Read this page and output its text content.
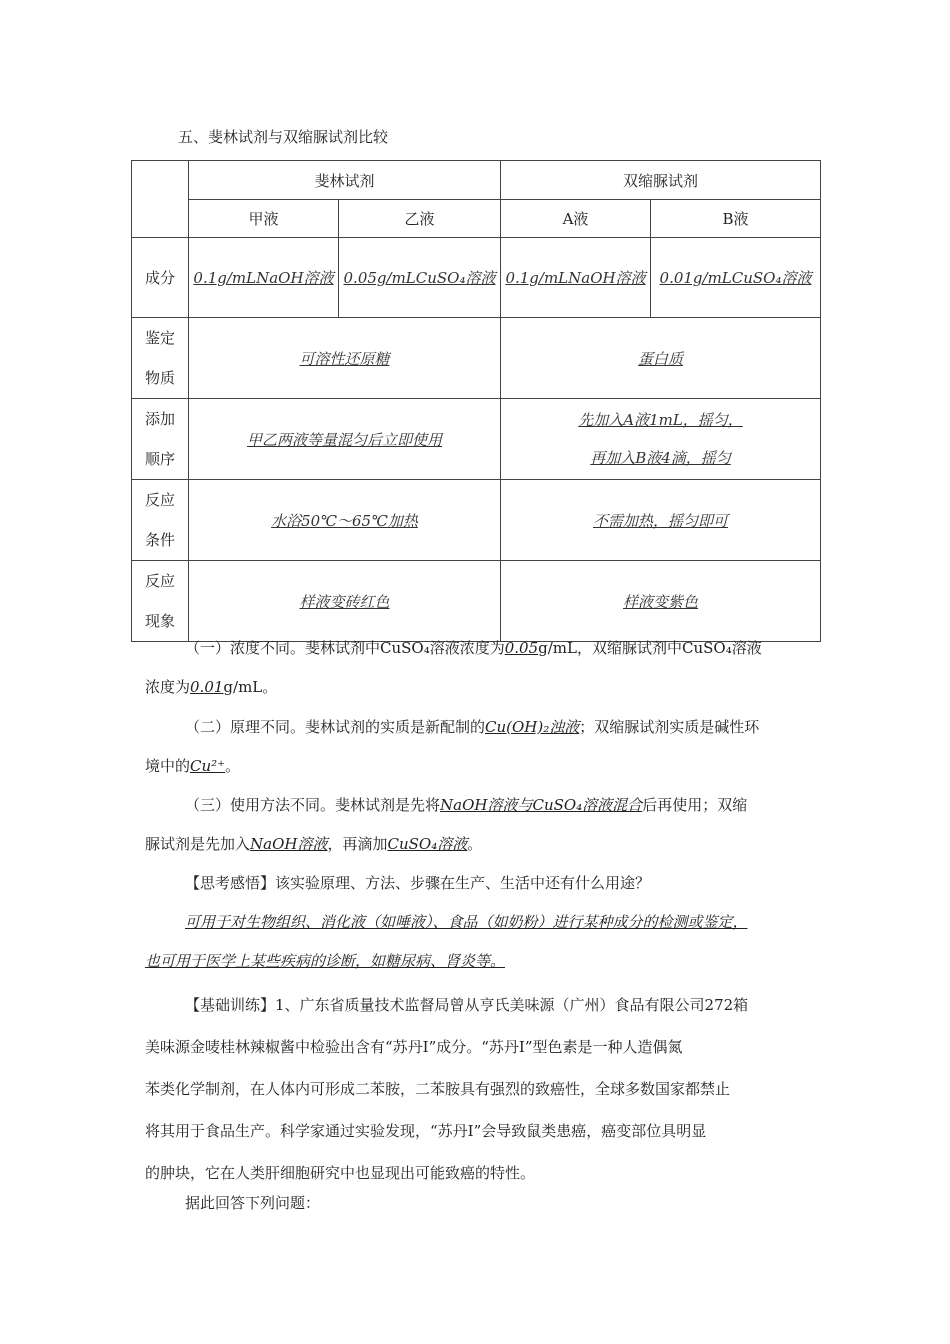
五、斐林试剂与双缩脲试剂比较
	斐林试剂		双缩脲试剂	
	甲液	乙液	A液	B液
成分	0.1g/mLNaOH溶液	0.05g/mLCuSO₄溶液	0.1g/mLNaOH溶液	0.01g/mLCuSO₄溶液
鉴定
物质	可溶性还原糖		蛋白质	
添加
顺序	甲乙两液等量混匀后立即使用		先加入A液1mL，摇匀，
再加入B液4滴，摇匀	
反应
条件	水浴50℃～65℃加热		不需加热，摇匀即可	
反应
现象	样液变砖红色		样液变紫色	
（一）浓度不同。斐林试剂中CuSO₄溶液浓度为0.05g/mL，双缩脲试剂中CuSO₄溶液
浓度为0.01g/mL。
（二）原理不同。斐林试剂的实质是新配制的Cu(OH)₂浊液；双缩脲试剂实质是碱性环
境中的Cu²⁺。
（三）使用方法不同。斐林试剂是先将NaOH溶液与CuSO₄溶液混合后再使用；双缩
脲试剂是先加入NaOH溶液，再滴加CuSO₄溶液。
【思考感悟】该实验原理、方法、步骤在生产、生活中还有什么用途？
可用于对生物组织、消化液（如唾液）、食品（如奶粉）进行某种成分的检测或鉴定，
也可用于医学上某些疾病的诊断，如糖尿病、肾炎等。
【基础训练】1、广东省质量技术监督局曾从亨氏美味源（广州）食品有限公司272箱
美味源金唛桂林辣椒酱中检验出含有“苏丹Ⅰ”成分。“苏丹Ⅰ”型色素是一种人造偶氮
苯类化学制剂，在人体内可形成二苯胺，二苯胺具有强烈的致癌性，全球多数国家都禁止
将其用于食品生产。科学家通过实验发现，“苏丹Ⅰ”会导致鼠类患癌，癌变部位具明显
的肿块，它在人类肝细胞研究中也显现出可能致癌的特性。
据此回答下列问题：
